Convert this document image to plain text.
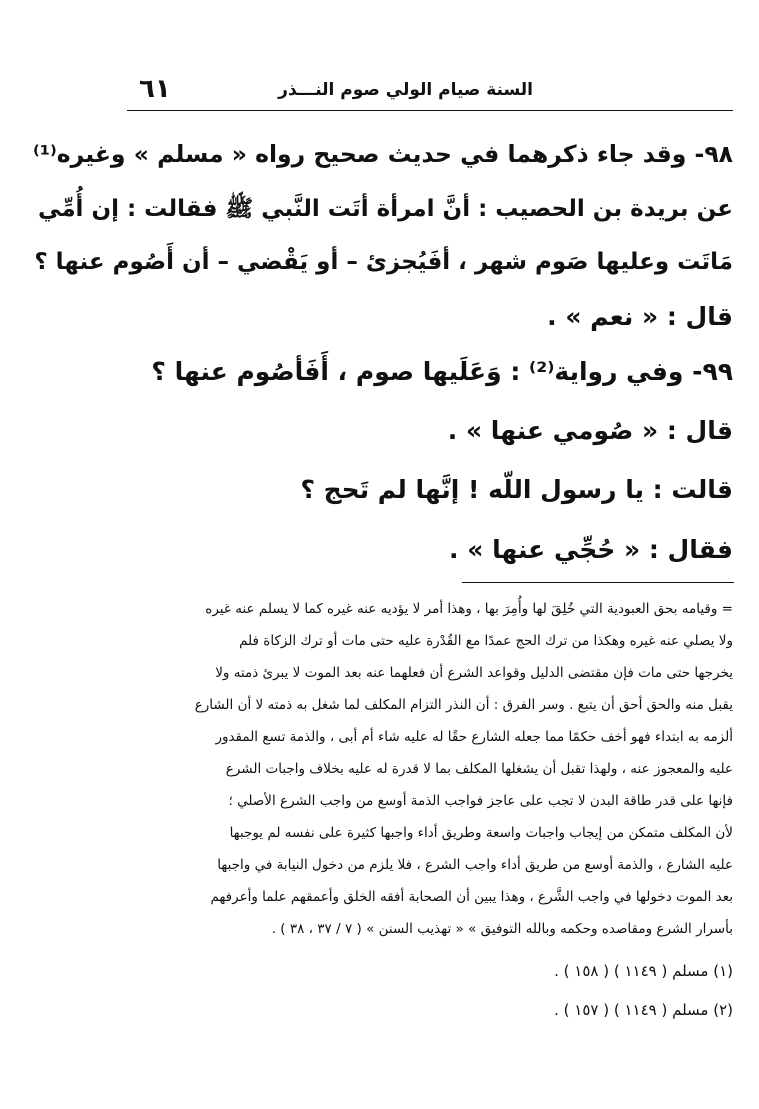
السنة صيام الولي صوم النـــذر
٦١
٩٨- وقد جاء ذكرهما في حديث صحيح رواه « مسلم » وغيره⁽¹⁾
عن بريدة بن الحصيب : أنَّ امرأة أتَت النَّبي ﷺ فقالت : إن أُمِّي
مَاتَت وعليها صَوم شهر ، أفَيُجزئ – أو يَقْضي – أن أَصُوم عنها ؟
قال : « نعم » .
٩٩- وفي رواية⁽²⁾ : وَعَلَيها صوم ، أَفَأصُوم عنها ؟
قال : « صُومي عنها » .
قالت : يا رسول اللّه ! إنَّها لم تَحج ؟
فقال : « حُجِّي عنها » .
= وقيامه بحق العبودية التي خُلِقَ لها وأُمِرَ بها ، وهذا أمر لا يؤديه عنه غيره كما لا يسلم عنه غيره
ولا يصلي عنه غيره وهكذا من ترك الحج عمدًا مع القُدْرة عليه حتى مات أو ترك الزكاة فلم
يخرجها حتى مات فإن مقتضى الدليل وقواعد الشرع أن فعلهما عنه بعد الموت لا يبرئ ذمته ولا
يقبل منه والحق أحق أن يتبع . وسر الفرق : أن النذر التزام المكلف لما شغل به ذمته لا أن الشارع
ألزمه به ابتداء فهو أخف حكمًا مما جعله الشارع حقًا له عليه شاء أم أبى ، والذمة تسع المقدور
عليه والمعجوز عنه ، ولهذا تقبل أن يشغلها المكلف بما لا قدرة له عليه بخلاف واجبات الشرع
فإنها على قدر طاقة البدن لا تجب على عاجز فواجب الذمة أوسع من واجب الشرع الأصلي ؛
لأن المكلف متمكن من إيجاب واجبات واسعة وطريق أداء واجبها كثيرة على نفسه لم يوجبها
عليه الشارع ، والذمة أوسع من طريق أداء واجب الشرع ، فلا يلزم من دخول النيابة في واجبها
بعد الموت دخولها في واجب الشَّرع ، وهذا يبين أن الصحابة أفقه الخلق وأعمقهم علما وأعرفهم
بأسرار الشرع ومقاصده وحكمه وبالله التوفيق » « تهذيب السنن » ( ٧ / ٣٧ ، ٣٨ ) .
(١) مسلم ( ١١٤٩ ) ( ١٥٨ ) .
(٢) مسلم ( ١١٤٩ ) ( ١٥٧ ) .
